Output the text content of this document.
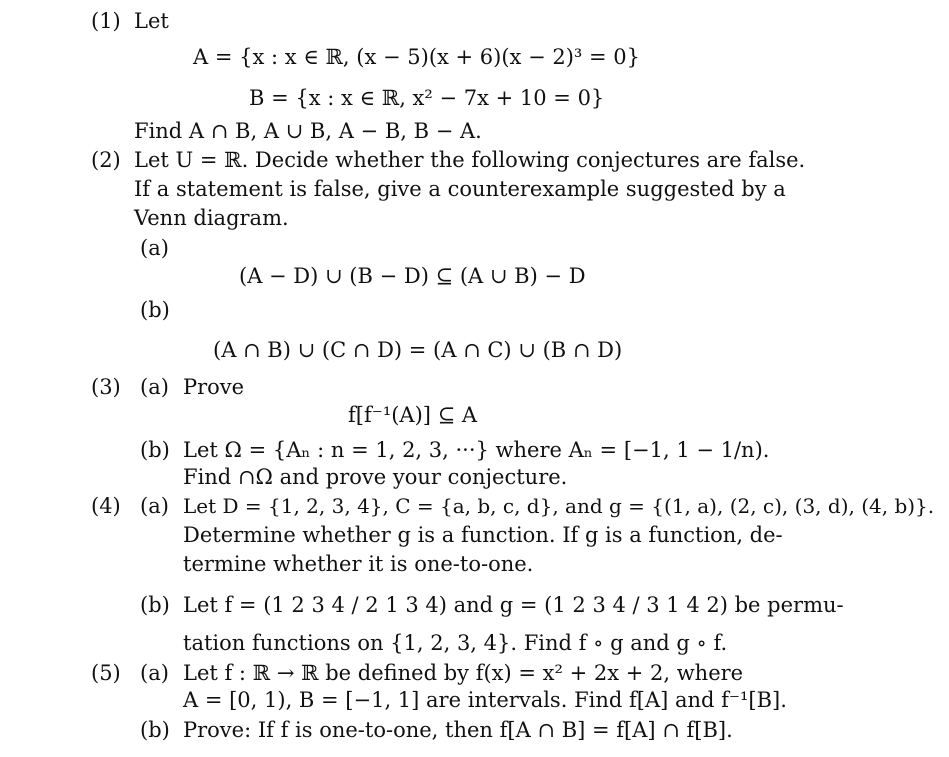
(1) Let
A = {x : x ∈ ℝ, (x − 5)(x + 6)(x − 2)³ = 0}
B = {x : x ∈ ℝ, x² − 7x + 10 = 0}
Find A ∩ B, A ∪ B, A − B, B − A.
(2) Let U = ℝ. Decide whether the following conjectures are false.
If a statement is false, give a counterexample suggested by a
Venn diagram.
(a)
(A − D) ∪ (B − D) ⊆ (A ∪ B) − D
(b)
(A ∩ B) ∪ (C ∩ D) = (A ∩ C) ∪ (B ∩ D)
(3) (a) Prove
f[f⁻¹(A)] ⊆ A
(b) Let Ω = {Aₙ : n = 1, 2, 3, ···} where Aₙ = [−1, 1 − 1/n).
Find ∩Ω and prove your conjecture.
(4) (a) Let D = {1, 2, 3, 4}, C = {a, b, c, d}, and g = {(1, a), (2, c), (3, d), (4, b)}.
Determine whether g is a function. If g is a function, de-
termine whether it is one-to-one.
(b) Let f = (1 2 3 4 / 2 1 3 4) and g = (1 2 3 4 / 3 1 4 2) be permu-
tation functions on {1, 2, 3, 4}. Find f ∘ g and g ∘ f.
(5) (a) Let f : ℝ → ℝ be defined by f(x) = x² + 2x + 2, where
A = [0, 1), B = [−1, 1] are intervals. Find f[A] and f⁻¹[B].
(b) Prove: If f is one-to-one, then f[A ∩ B] = f[A] ∩ f[B].
